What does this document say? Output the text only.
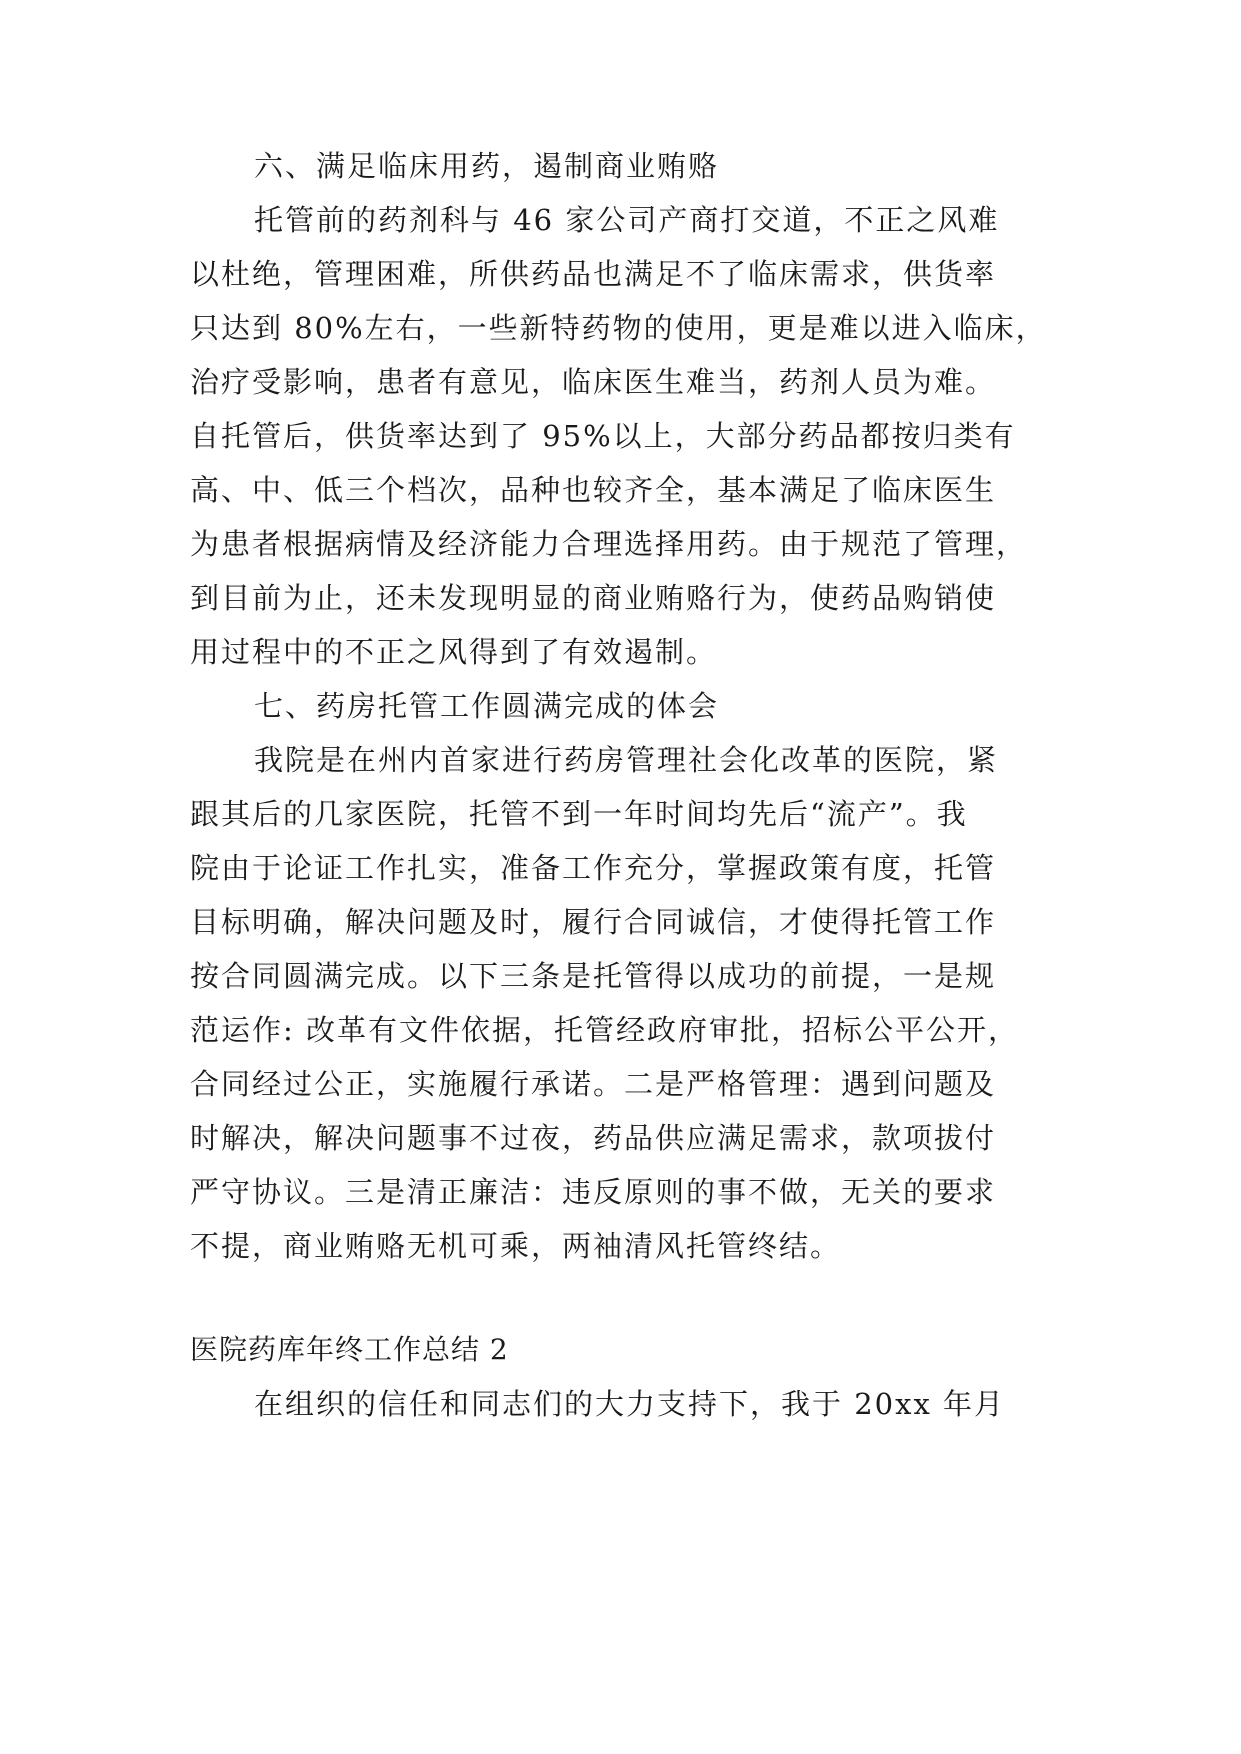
六、满足临床用药，遏制商业贿赂
托管前的药剂科与 46 家公司产商打交道，不正之风难
以杜绝，管理困难，所供药品也满足不了临床需求，供货率
只达到 80%左右，一些新特药物的使用，更是难以进入临床，
治疗受影响，患者有意见，临床医生难当，药剂人员为难。
自托管后，供货率达到了 95%以上，大部分药品都按归类有
高、中、低三个档次，品种也较齐全，基本满足了临床医生
为患者根据病情及经济能力合理选择用药。由于规范了管理，
到目前为止，还未发现明显的商业贿赂行为，使药品购销使
用过程中的不正之风得到了有效遏制。
七、药房托管工作圆满完成的体会
我院是在州内首家进行药房管理社会化改革的医院，紧
跟其后的几家医院，托管不到一年时间均先后“流产”。我
院由于论证工作扎实，准备工作充分，掌握政策有度，托管
目标明确，解决问题及时，履行合同诚信，才使得托管工作
按合同圆满完成。以下三条是托管得以成功的前提，一是规
范运作: 改革有文件依据，托管经政府审批，招标公平公开，
合同经过公正，实施履行承诺。二是严格管理：遇到问题及
时解决，解决问题事不过夜，药品供应满足需求，款项拔付
严守协议。三是清正廉洁：违反原则的事不做，无关的要求
不提，商业贿赂无机可乘，两袖清风托管终结。
医院药库年终工作总结 2
在组织的信任和同志们的大力支持下，我于 20xx 年月
